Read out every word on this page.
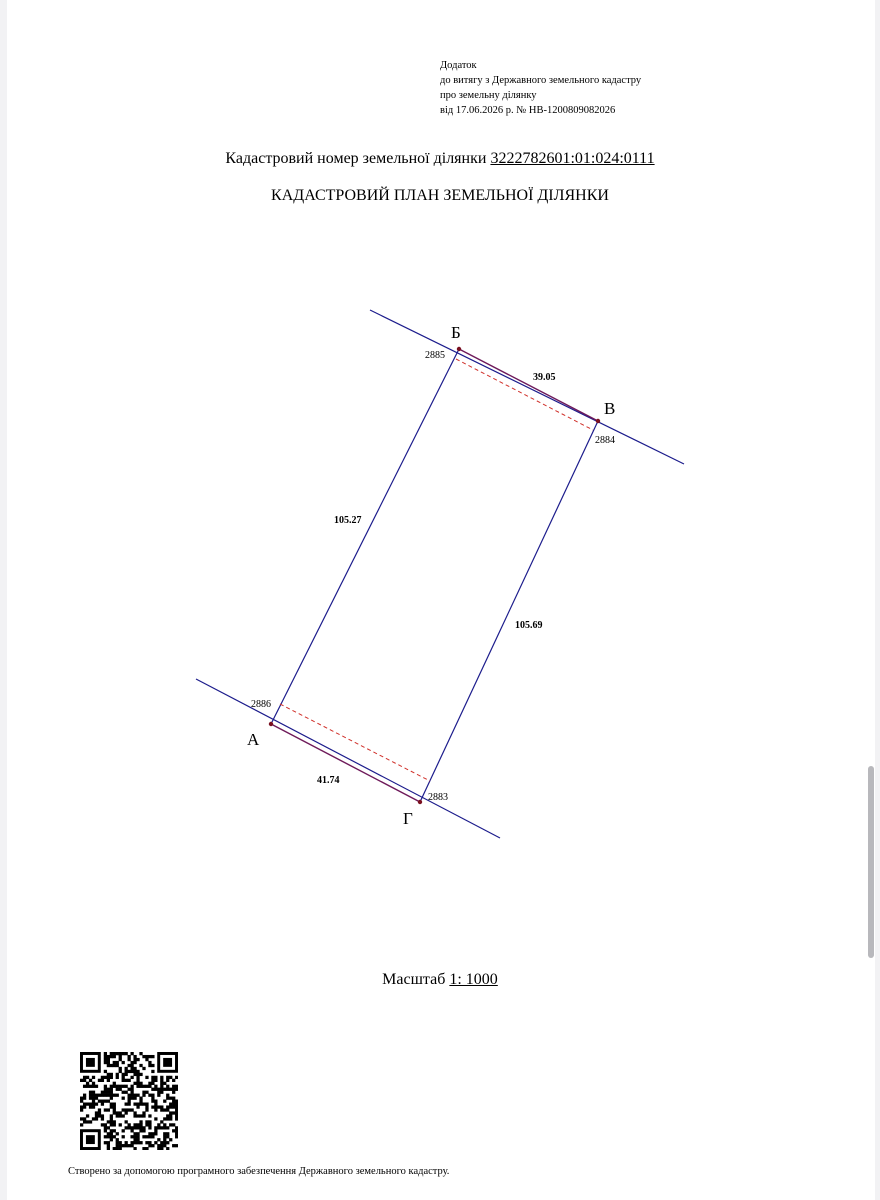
Додаток
до витягу з Державного земельного кадастру
про земельну ділянку
від 17.06.2026 р. № НВ-1200809082026
Кадастровий номер земельної ділянки 3222782601:01:024:0111
КАДАСТРОВИЙ ПЛАН ЗЕМЕЛЬНОЇ ДІЛЯНКИ
Б
В
А
Г
2885
2884
2886
2883
39.05
105.27
105.69
41.74
Масштаб 1: 1000
Створено за допомогою програмного забезпечення Державного земельного кадастру.
